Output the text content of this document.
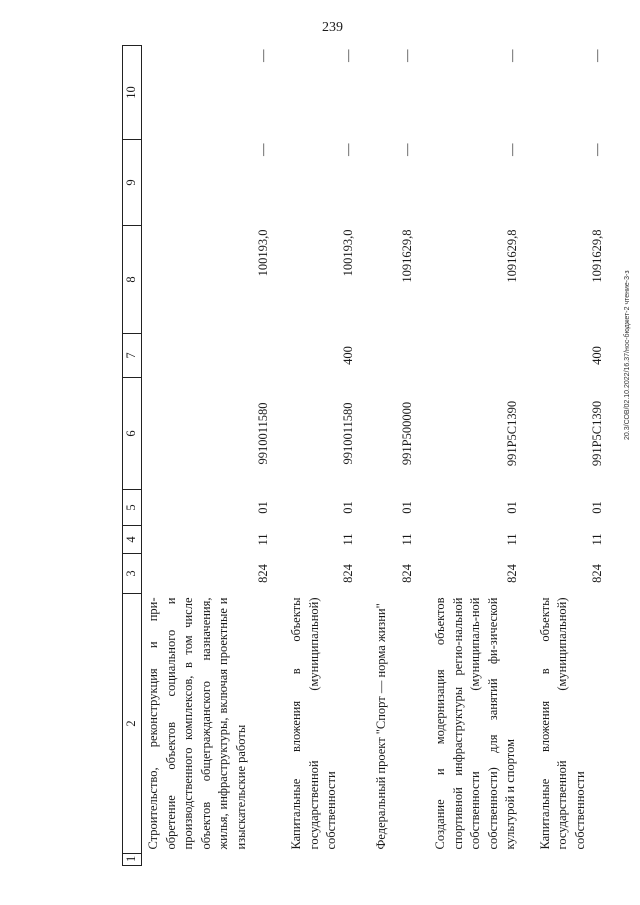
239
20.3/СОВ/02.10.2022/16.37/нос-бюджет-2 чтение-3-з
1	2	3	4	5	6	7	8	9	10
	Строительство, реконструкция и при-обретение объектов социального и производственного комплексов, в том числе объектов общегражданского назначения, жилья, инфраструктуры, включая проектные и изыскательские работы	824	11	01	9910011580		100193,0	—	—
	Капитальные вложения в объекты государственной (муниципальной) собственности	824	11	01	9910011580	400	100193,0	—	—
	Федеральный проект "Спорт — норма жизни"	824	11	01	991P500000		1091629,8	—	—
	Создание и модернизация объектов спортивной инфраструктуры регио-нальной собственности (муниципаль-ной собственности) для занятий фи-зической культурой и спортом	824	11	01	991P5C1390		1091629,8	—	—
	Капитальные вложения в объекты государственной (муниципальной) собственности	824	11	01	991P5C1390	400	1091629,8	—	—
